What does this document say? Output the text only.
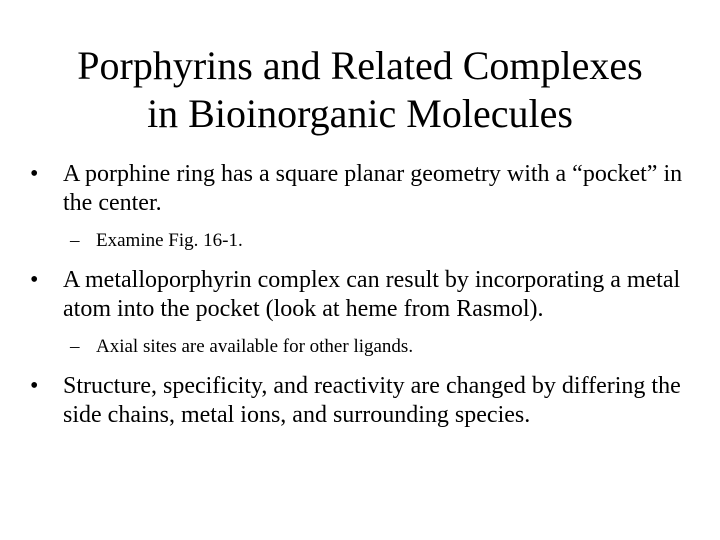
Porphyrins and Related Complexes
in Bioinorganic Molecules
•	A porphine ring has a square planar geometry with a “pocket” in the center.
– Examine Fig. 16-1.
•	A metalloporphyrin complex can result by incorporating a metal atom into the pocket (look at heme from Rasmol).
– Axial sites are available for other ligands.
•	Structure, specificity, and reactivity are changed by differing the side chains, metal ions, and surrounding species.
